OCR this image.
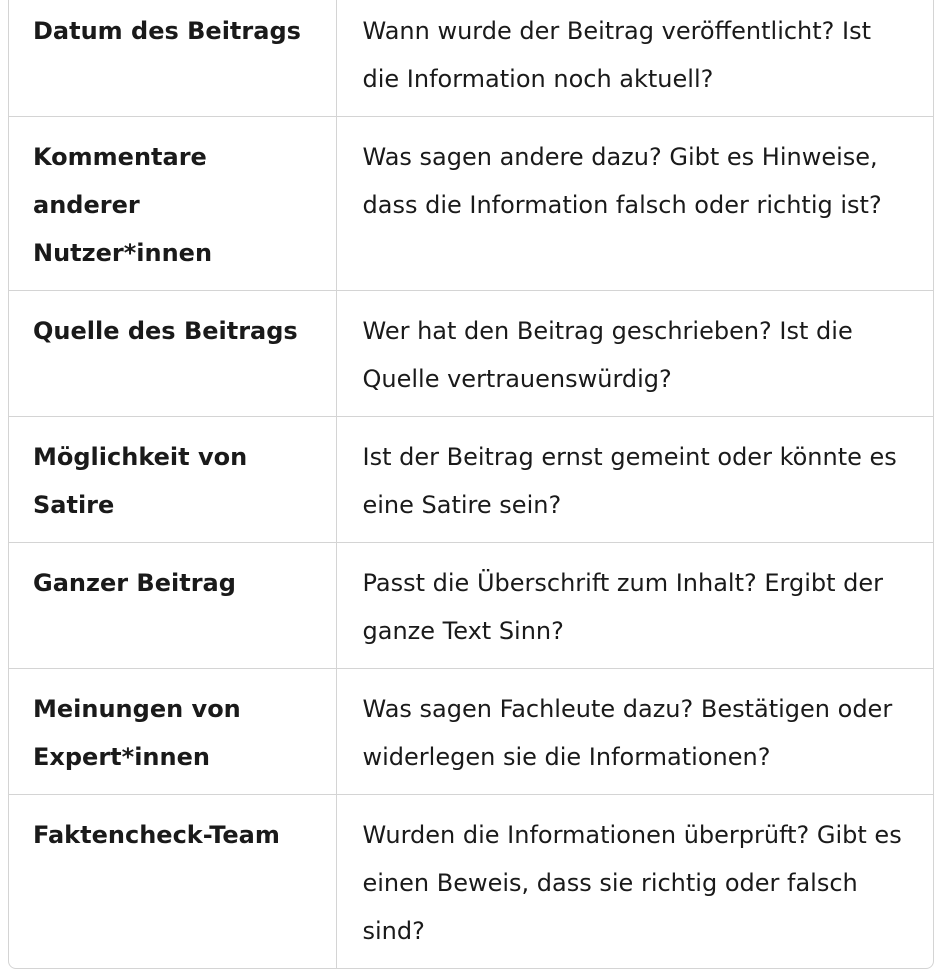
Datum des Beitrags	Wann wurde der Beitrag veröffentlicht? Ist die Information noch aktuell?
Kommentare anderer Nutzer*innen	Was sagen andere dazu? Gibt es Hinweise, dass die Information falsch oder richtig ist?
Quelle des Beitrags	Wer hat den Beitrag geschrieben? Ist die Quelle vertrauenswürdig?
Möglichkeit von Satire	Ist der Beitrag ernst gemeint oder könnte es eine Satire sein?
Ganzer Beitrag	Passt die Überschrift zum Inhalt? Ergibt der ganze Text Sinn?
Meinungen von Expert*innen	Was sagen Fachleute dazu? Bestätigen oder widerlegen sie die Informationen?
Faktencheck-Team	Wurden die Informationen überprüft? Gibt es einen Beweis, dass sie richtig oder falsch sind?
